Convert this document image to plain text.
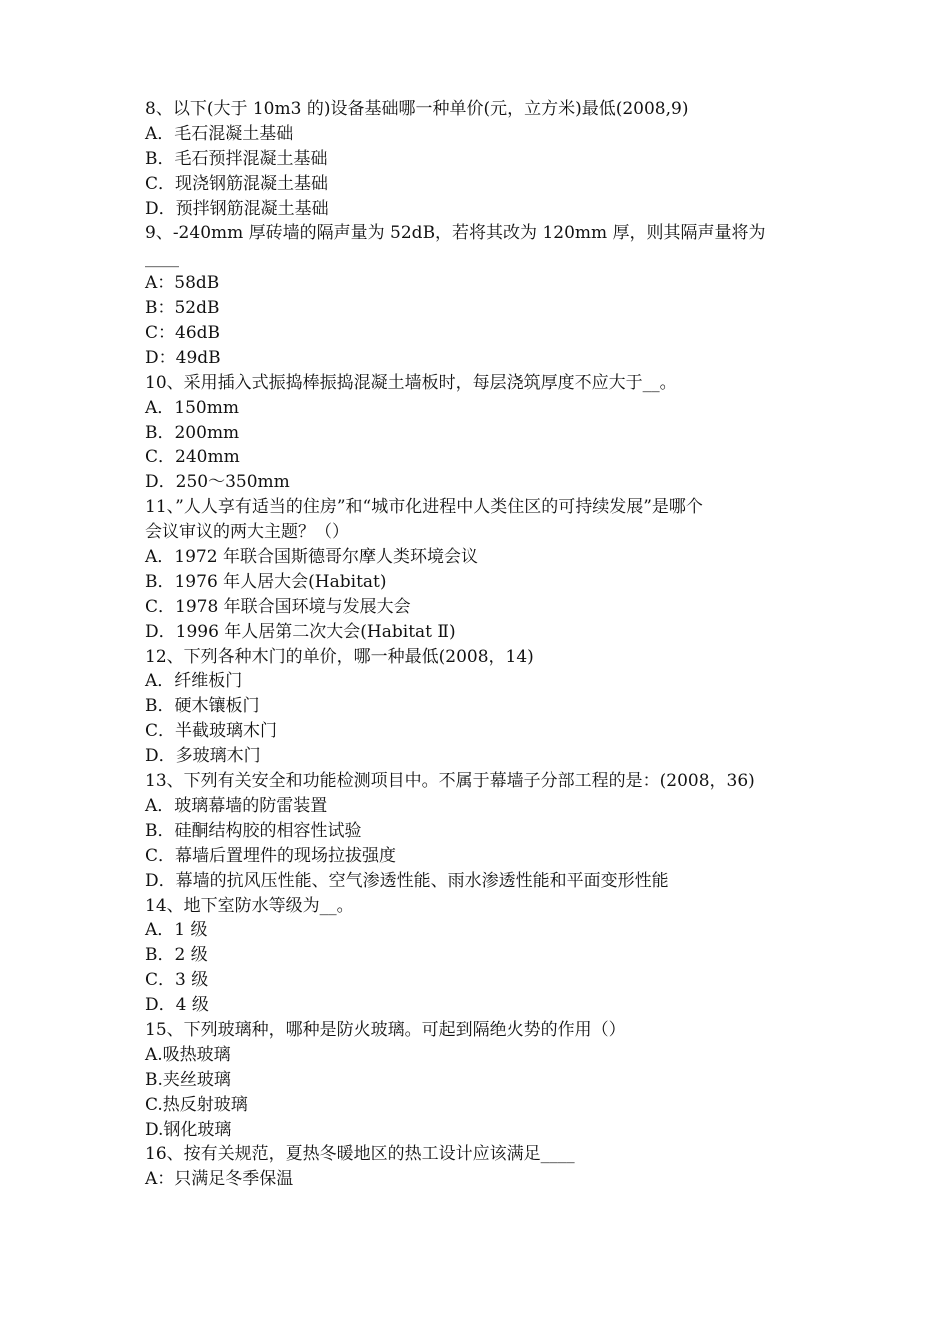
8、以下(大于 10m3 的)设备基础哪一种单价(元，立方米)最低(2008,9)
A．毛石混凝土基础
B．毛石预拌混凝土基础
C．现浇钢筋混凝土基础
D．预拌钢筋混凝土基础
9、-240mm 厚砖墙的隔声量为 52dB，若将其改为 120mm 厚，则其隔声量将为
____
A：58dB
B：52dB
C：46dB
D：49dB
10、采用插入式振捣棒振捣混凝土墙板时，每层浇筑厚度不应大于__。
A．150mm
B．200mm
C．240mm
D．250～350mm
11、”人人享有适当的住房”和“城市化进程中人类住区的可持续发展”是哪个
会议审议的两大主题？（）
A．1972 年联合国斯德哥尔摩人类环境会议
B．1976 年人居大会(Habitat)
C．1978 年联合国环境与发展大会
D．1996 年人居第二次大会(Habitat Ⅱ)
12、下列各种木门的单价，哪一种最低(2008，14)
A．纤维板门
B．硬木镶板门
C．半截玻璃木门
D．多玻璃木门
13、下列有关安全和功能检测项目中。不属于幕墙子分部工程的是：(2008，36)
A．玻璃幕墙的防雷装置
B．硅酮结构胶的相容性试验
C．幕墙后置埋件的现场拉拔强度
D．幕墙的抗风压性能、空气渗透性能、雨水渗透性能和平面变形性能
14、地下室防水等级为__。
A．1 级
B．2 级
C．3 级
D．4 级
15、下列玻璃种，哪种是防火玻璃。可起到隔绝火势的作用（）
A.吸热玻璃
B.夹丝玻璃
C.热反射玻璃
D.钢化玻璃
16、按有关规范，夏热冬暖地区的热工设计应该满足____
A：只满足冬季保温
